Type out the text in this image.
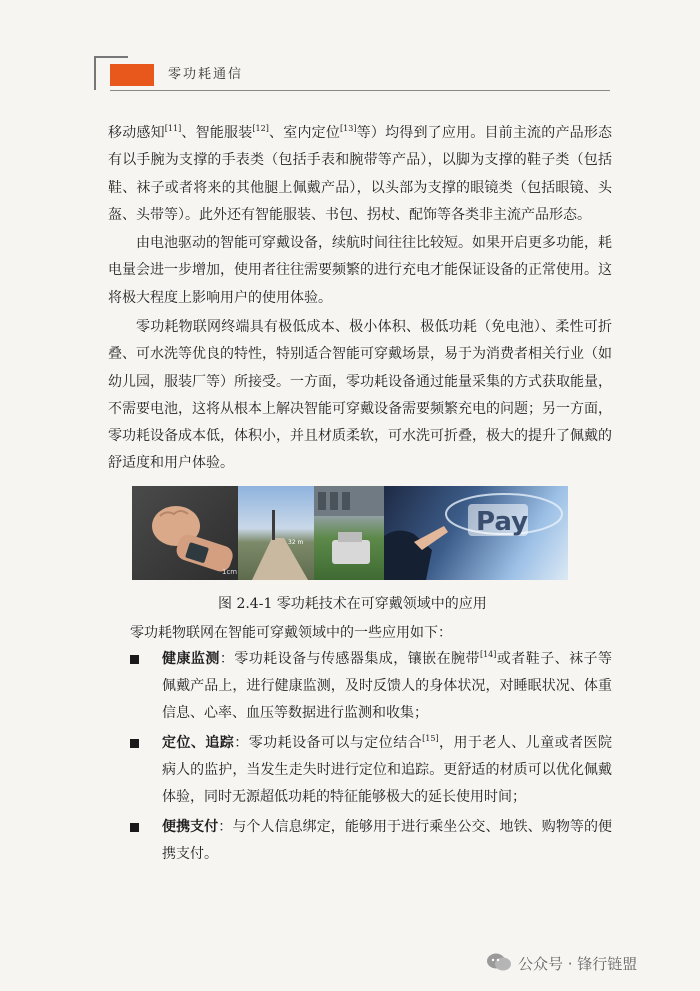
零功耗通信
移动感知[11]、智能服装[12]、室内定位[13]等）均得到了应用。目前主流的产品形态有以手腕为支撑的手表类（包括手表和腕带等产品），以脚为支撑的鞋子类（包括鞋、袜子或者将来的其他腿上佩戴产品），以头部为支撑的眼镜类（包括眼镜、头盔、头带等）。此外还有智能服装、书包、拐杖、配饰等各类非主流产品形态。
由电池驱动的智能可穿戴设备，续航时间往往比较短。如果开启更多功能，耗电量会进一步增加，使用者往往需要频繁的进行充电才能保证设备的正常使用。这将极大程度上影响用户的使用体验。
零功耗物联网终端具有极低成本、极小体积、极低功耗（免电池）、柔性可折叠、可水洗等优良的特性，特别适合智能可穿戴场景，易于为消费者相关行业（如幼儿园，服装厂等）所接受。一方面，零功耗设备通过能量采集的方式获取能量，不需要电池，这将从根本上解决智能可穿戴设备需要频繁充电的问题；另一方面，零功耗设备成本低，体积小，并且材质柔软，可水洗可折叠，极大的提升了佩戴的舒适度和用户体验。
1cm
32 m
Pay
图 2.4-1 零功耗技术在可穿戴领域中的应用
零功耗物联网在智能可穿戴领域中的一些应用如下：
健康监测：零功耗设备与传感器集成，镶嵌在腕带[14]或者鞋子、袜子等佩戴产品上，进行健康监测，及时反馈人的身体状况，对睡眠状况、体重信息、心率、血压等数据进行监测和收集；
定位、追踪：零功耗设备可以与定位结合[15]，用于老人、儿童或者医院病人的监护，当发生走失时进行定位和追踪。更舒适的材质可以优化佩戴体验，同时无源超低功耗的特征能够极大的延长使用时间；
便携支付：与个人信息绑定，能够用于进行乘坐公交、地铁、购物等的便携支付。
公众号 · 锋行链盟
